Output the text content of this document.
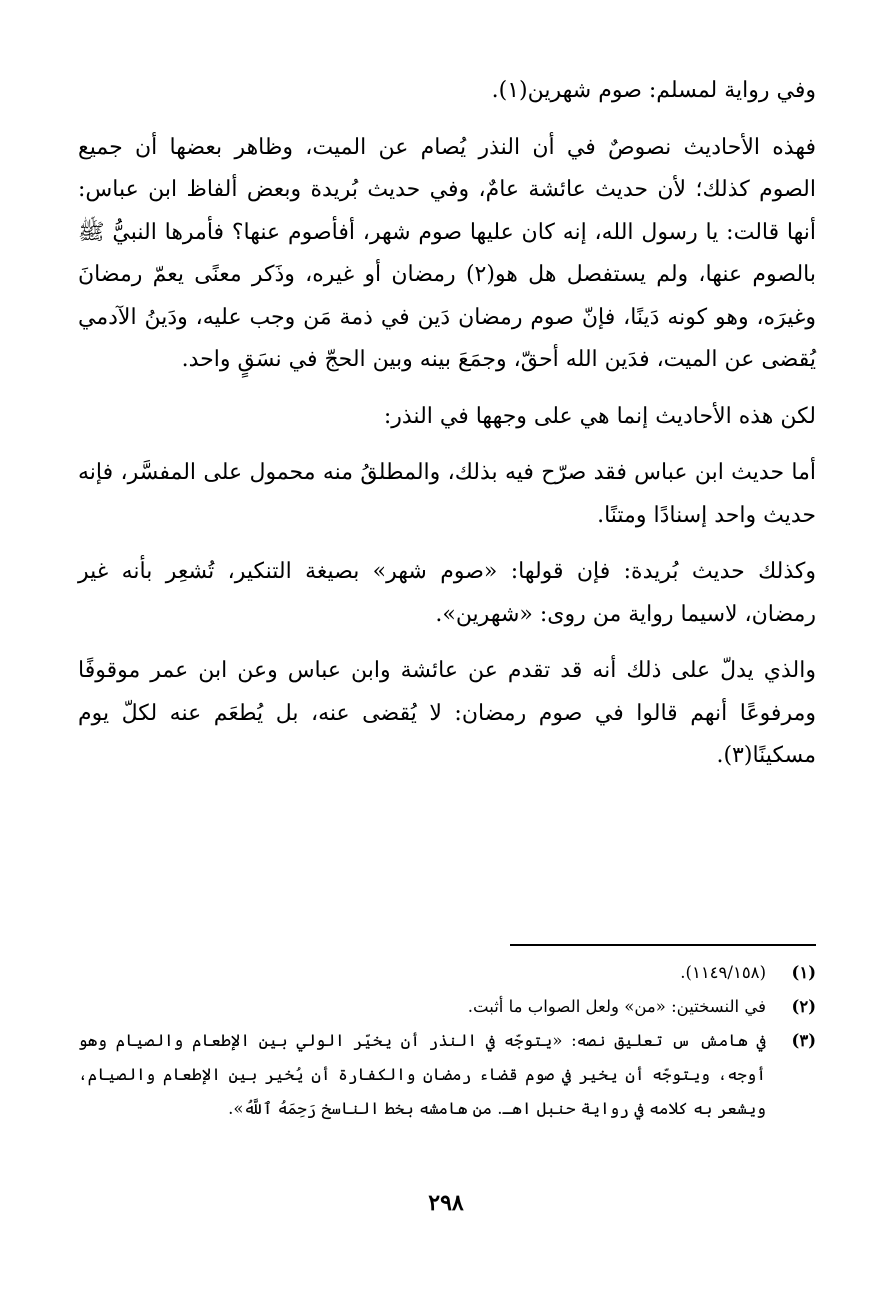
وفي رواية لمسلم: صوم شهرين(١).

فهذه الأحاديث نصوصٌ في أن النذر يُصام عن الميت، وظاهر بعضها أن جميع الصوم كذلك؛ لأن حديث عائشة عامٌ، وفي حديث بُريدة وبعض ألفاظ ابن عباس: أنها قالت: يا رسول الله، إنه كان عليها صوم شهر، أفأصوم عنها؟ فأمرها النبيُّ ﷺ بالصوم عنها، ولم يستفصل هل هو(٢) رمضان أو غيره، وذَكر معنًى يعمّ رمضانَ وغيرَه، وهو كونه دَينًا، فإنّ صوم رمضان دَين في ذمة مَن وجب عليه، ودَينُ الآدمي يُقضى عن الميت، فدَين الله أحقّ، وجمَعَ بينه وبين الحجّ في نسَقٍ واحد.

لكن هذه الأحاديث إنما هي على وجهها في النذر:

أما حديث ابن عباس فقد صرّح فيه بذلك، والمطلقُ منه محمول على المفسَّر، فإنه حديث واحد إسنادًا ومتنًا.

وكذلك حديث بُريدة: فإن قولها: «صوم شهر» بصيغة التنكير، تُشعِر بأنه غير رمضان، لاسيما رواية من روى: «شهرين».

والذي يدلّ على ذلك أنه قد تقدم عن عائشة وابن عباس وعن ابن عمر موقوفًا ومرفوعًا أنهم قالوا في صوم رمضان: لا يُقضى عنه، بل يُطعَم عنه لكلّ يوم مسكينًا(٣).

(١)
(١١٤٩/١٥٨).
(٢)
في النسختين: «من» ولعل الصواب ما أثبت.
(٣)
في هامش س تعليق نصه: «يتوجّه في النذر أن يخيّر الولي بين الإطعام والصيام وهو أوجه، ويتوجّه أن يخير في صوم قضاء رمضان والكفارة أن يُخير بين الإطعام والصيام، ويشعر به كلامه في رواية حنبل اهـ. من هامشه بخط الناسخ رَحِمَهُ ٱللَّهُ».
٢٩٨
